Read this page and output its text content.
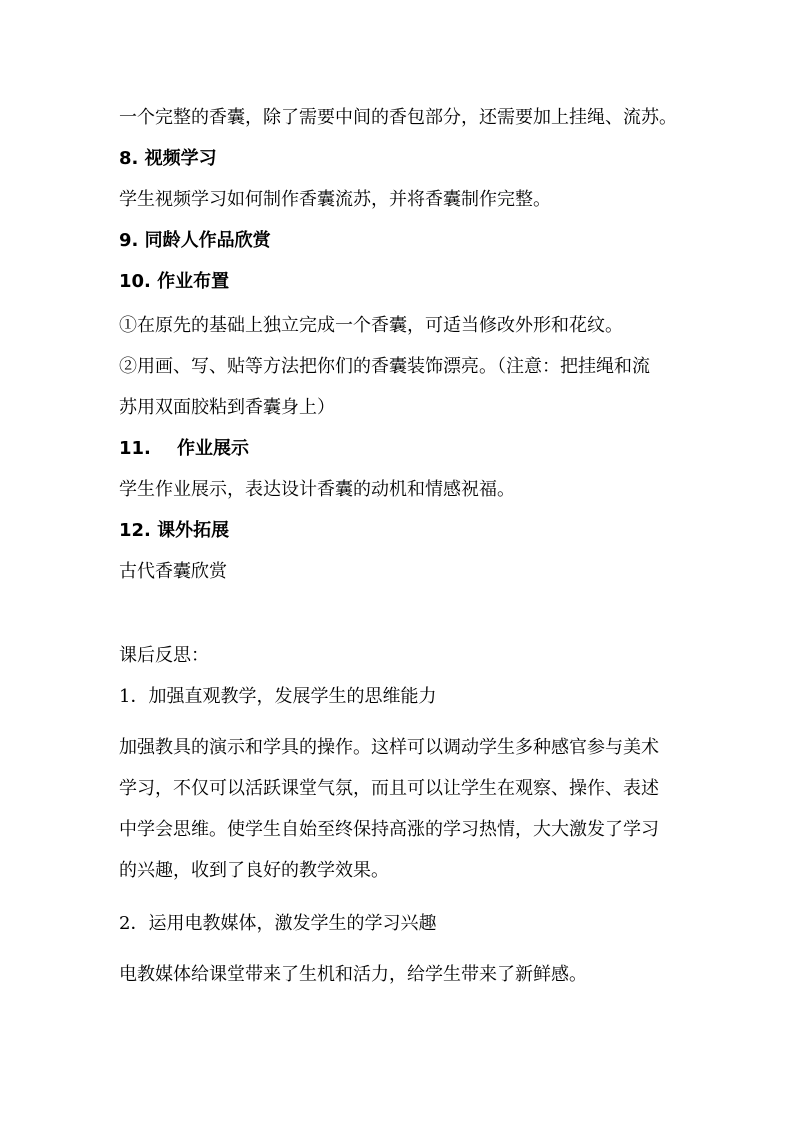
一个完整的香囊，除了需要中间的香包部分，还需要加上挂绳、流苏。
8. 视频学习
学生视频学习如何制作香囊流苏，并将香囊制作完整。
9. 同龄人作品欣赏
10. 作业布置
①在原先的基础上独立完成一个香囊，可适当修改外形和花纹。
②用画、写、贴等方法把你们的香囊装饰漂亮。（注意：把挂绳和流
苏用双面胶粘到香囊身上）
11. 作业展示
学生作业展示，表达设计香囊的动机和情感祝福。
12. 课外拓展
古代香囊欣赏
课后反思：
1．加强直观教学，发展学生的思维能力
加强教具的演示和学具的操作。这样可以调动学生多种感官参与美术
学习，不仅可以活跃课堂气氛，而且可以让学生在观察、操作、表述
中学会思维。使学生自始至终保持高涨的学习热情，大大激发了学习
的兴趣，收到了良好的教学效果。
2．运用电教媒体，激发学生的学习兴趣
电教媒体给课堂带来了生机和活力，给学生带来了新鲜感。
